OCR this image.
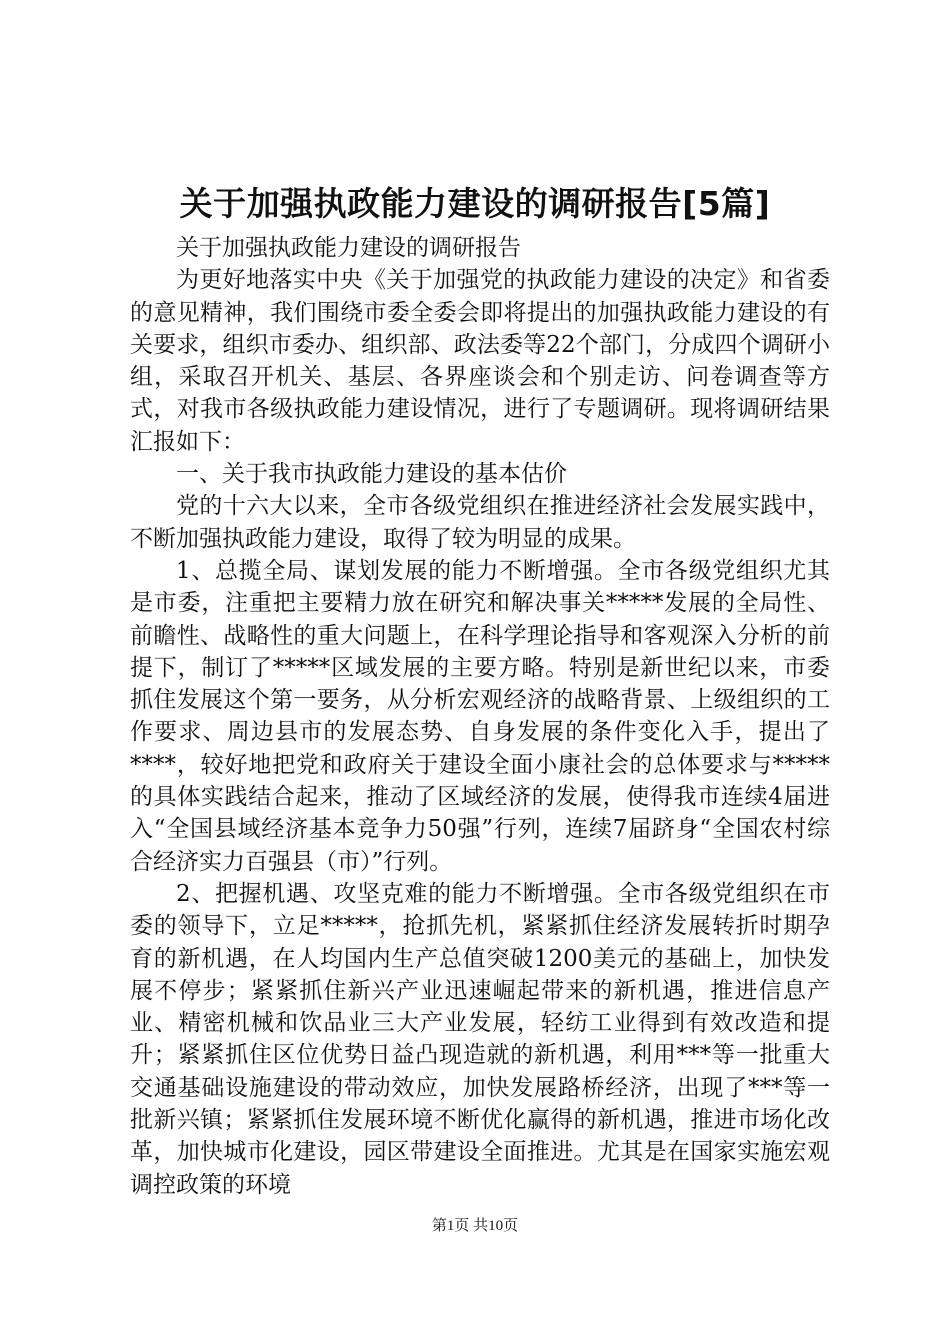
关于加强执政能力建设的调研报告[5篇]

关于加强执政能力建设的调研报告

为更好地落实中央《关于加强党的执政能力建设的决定》和省委的意见精神，我们围绕市委全委会即将提出的加强执政能力建设的有关要求，组织市委办、组织部、政法委等22个部门，分成四个调研小组，采取召开机关、基层、各界座谈会和个别走访、问卷调查等方式，对我市各级执政能力建设情况，进行了专题调研。现将调研结果汇报如下：

一、关于我市执政能力建设的基本估价

党的十六大以来，全市各级党组织在推进经济社会发展实践中，不断加强执政能力建设，取得了较为明显的成果。

1、总揽全局、谋划发展的能力不断增强。全市各级党组织尤其是市委，注重把主要精力放在研究和解决事关*****发展的全局性、前瞻性、战略性的重大问题上，在科学理论指导和客观深入分析的前提下，制订了*****区域发展的主要方略。特别是新世纪以来，市委抓住发展这个第一要务，从分析宏观经济的战略背景、上级组织的工作要求、周边县市的发展态势、自身发展的条件变化入手，提出了****，较好地把党和政府关于建设全面小康社会的总体要求与*****的具体实践结合起来，推动了区域经济的发展，使得我市连续4届进入“全国县域经济基本竞争力50强”行列，连续7届跻身“全国农村综合经济实力百强县（市）”行列。

2、把握机遇、攻坚克难的能力不断增强。全市各级党组织在市委的领导下，立足*****，抢抓先机，紧紧抓住经济发展转折时期孕育的新机遇，在人均国内生产总值突破1200美元的基础上，加快发展不停步；紧紧抓住新兴产业迅速崛起带来的新机遇，推进信息产业、精密机械和饮品业三大产业发展，轻纺工业得到有效改造和提升；紧紧抓住区位优势日益凸现造就的新机遇，利用***等一批重大交通基础设施建设的带动效应，加快发展路桥经济，出现了***等一批新兴镇；紧紧抓住发展环境不断优化赢得的新机遇，推进市场化改革，加快城市化建设，园区带建设全面推进。尤其是在国家实施宏观调控政策的环境

第1页 共10页
